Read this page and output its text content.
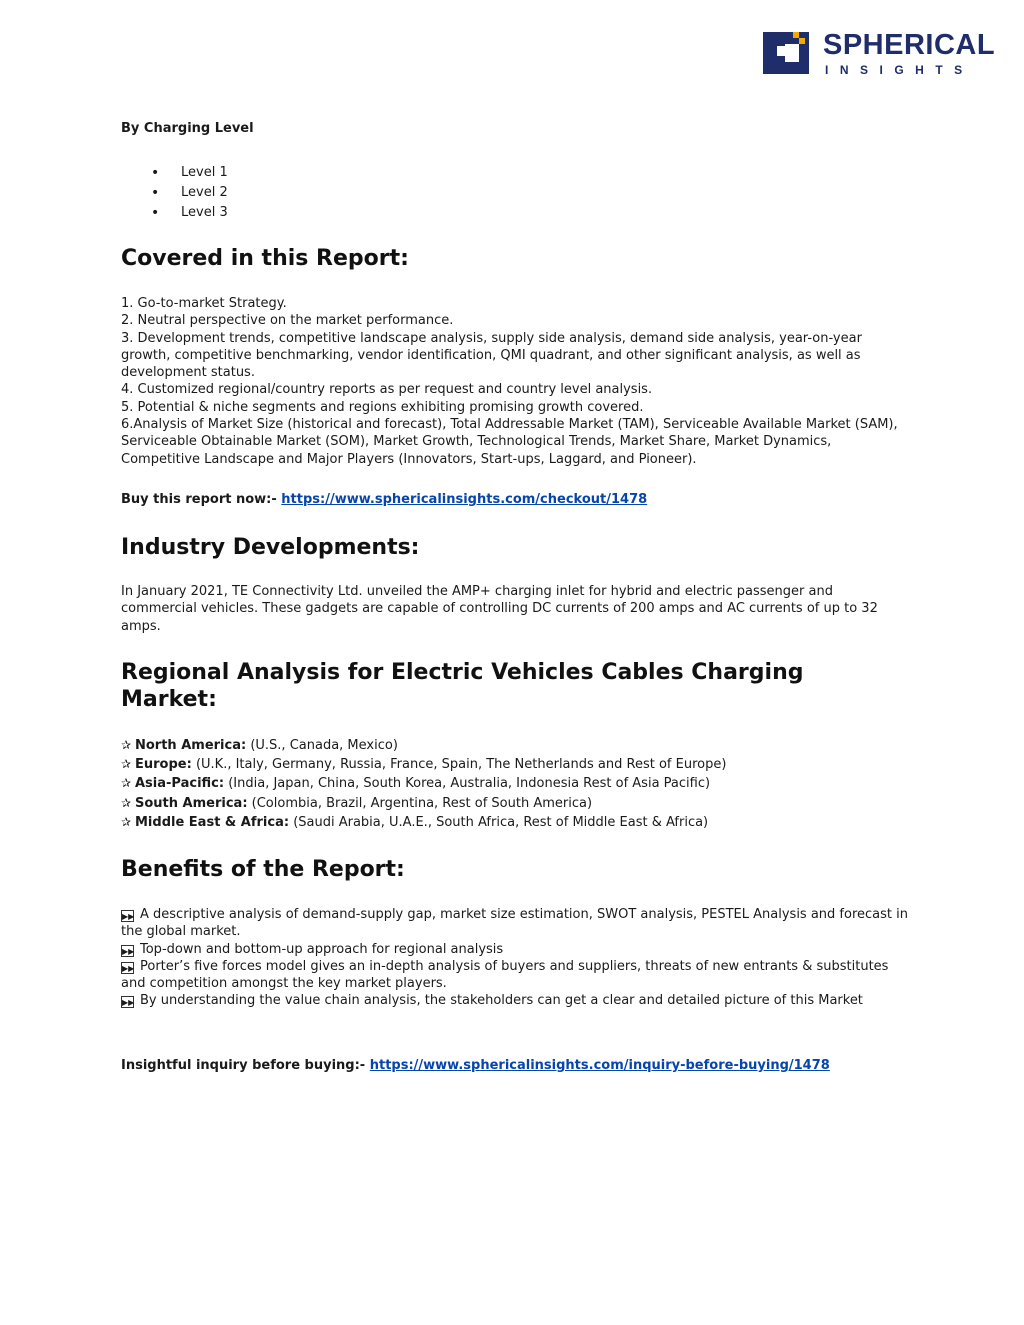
SPHERICAL
INSIGHTS
By Charging Level
• Level 1
• Level 2
• Level 3
Covered in this Report:

1. Go-to-market Strategy.

2. Neutral perspective on the market performance.

3. Development trends, competitive landscape analysis, supply side analysis, demand side analysis, year-on-year growth, competitive benchmarking, vendor identification, QMI quadrant, and other significant analysis, as well as development status.

4. Customized regional/country reports as per request and country level analysis.

5. Potential & niche segments and regions exhibiting promising growth covered.

6.Analysis of Market Size (historical and forecast), Total Addressable Market (TAM), Serviceable Available Market (SAM), Serviceable Obtainable Market (SOM), Market Growth, Technological Trends, Market Share, Market Dynamics, Competitive Landscape and Major Players (Innovators, Start-ups, Laggard, and Pioneer).

Buy this report now:- https://www.sphericalinsights.com/checkout/1478
Industry Developments:
In January 2021, TE Connectivity Ltd. unveiled the AMP+ charging inlet for hybrid and electric passenger and commercial vehicles. These gadgets are capable of controlling DC currents of 200 amps and AC currents of up to 32 amps.
Regional Analysis for Electric Vehicles Cables Charging Market:
✰ North America: (U.S., Canada, Mexico)
✰ Europe: (U.K., Italy, Germany, Russia, France, Spain, The Netherlands and Rest of Europe)
✰ Asia-Pacific: (India, Japan, China, South Korea, Australia, Indonesia Rest of Asia Pacific)
✰ South America: (Colombia, Brazil, Argentina, Rest of South America)
✰ Middle East & Africa: (Saudi Arabia, U.A.E., South Africa, Rest of Middle East & Africa)
Benefits of the Report:

▶▶ A descriptive analysis of demand-supply gap, market size estimation, SWOT analysis, PESTEL Analysis and forecast in the global market.

▶▶ Top-down and bottom-up approach for regional analysis

▶▶ Porter’s five forces model gives an in-depth analysis of buyers and suppliers, threats of new entrants & substitutes and competition amongst the key market players.

▶▶ By understanding the value chain analysis, the stakeholders can get a clear and detailed picture of this Market

Insightful inquiry before buying:- https://www.sphericalinsights.com/inquiry-before-buying/1478
